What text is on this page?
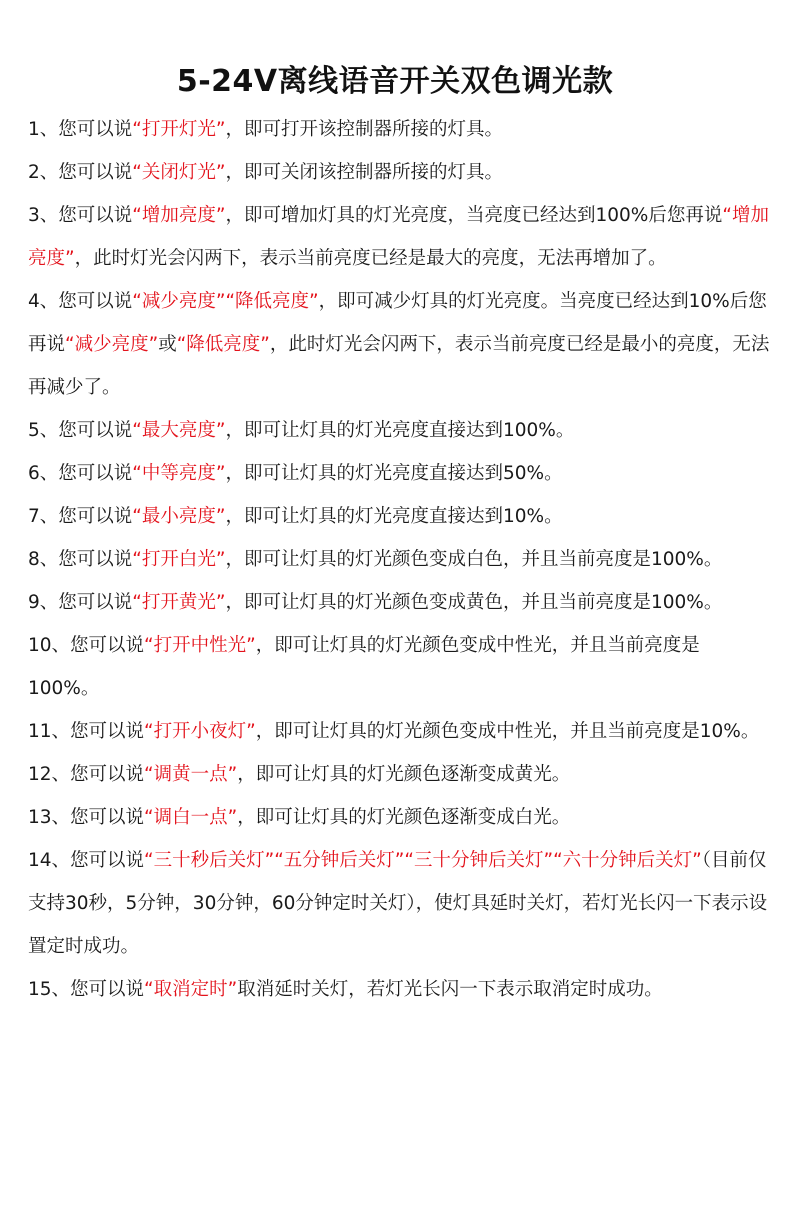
5-24V离线语音开关双色调光款
1、您可以说“打开灯光”，即可打开该控制器所接的灯具。
2、您可以说“关闭灯光”，即可关闭该控制器所接的灯具。
3、您可以说“增加亮度”，即可增加灯具的灯光亮度，当亮度已经达到100%后您再说“增加亮度”，此时灯光会闪两下，表示当前亮度已经是最大的亮度，无法再增加了。
4、您可以说“减少亮度”“降低亮度”，即可减少灯具的灯光亮度。当亮度已经达到10%后您再说“减少亮度”或“降低亮度”，此时灯光会闪两下，表示当前亮度已经是最小的亮度，无法再减少了。
5、您可以说“最大亮度”，即可让灯具的灯光亮度直接达到100%。
6、您可以说“中等亮度”，即可让灯具的灯光亮度直接达到50%。
7、您可以说“最小亮度”，即可让灯具的灯光亮度直接达到10%。
8、您可以说“打开白光”，即可让灯具的灯光颜色变成白色，并且当前亮度是100%。
9、您可以说“打开黄光”，即可让灯具的灯光颜色变成黄色，并且当前亮度是100%。
10、您可以说“打开中性光”，即可让灯具的灯光颜色变成中性光，并且当前亮度是100%。
11、您可以说“打开小夜灯”，即可让灯具的灯光颜色变成中性光，并且当前亮度是10%。
12、您可以说“调黄一点”，即可让灯具的灯光颜色逐渐变成黄光。
13、您可以说“调白一点”，即可让灯具的灯光颜色逐渐变成白光。
14、您可以说“三十秒后关灯”“五分钟后关灯”“三十分钟后关灯”“六十分钟后关灯”（目前仅支持30秒，5分钟，30分钟，60分钟定时关灯），使灯具延时关灯，若灯光长闪一下表示设置定时成功。
15、您可以说“取消定时”取消延时关灯，若灯光长闪一下表示取消定时成功。
